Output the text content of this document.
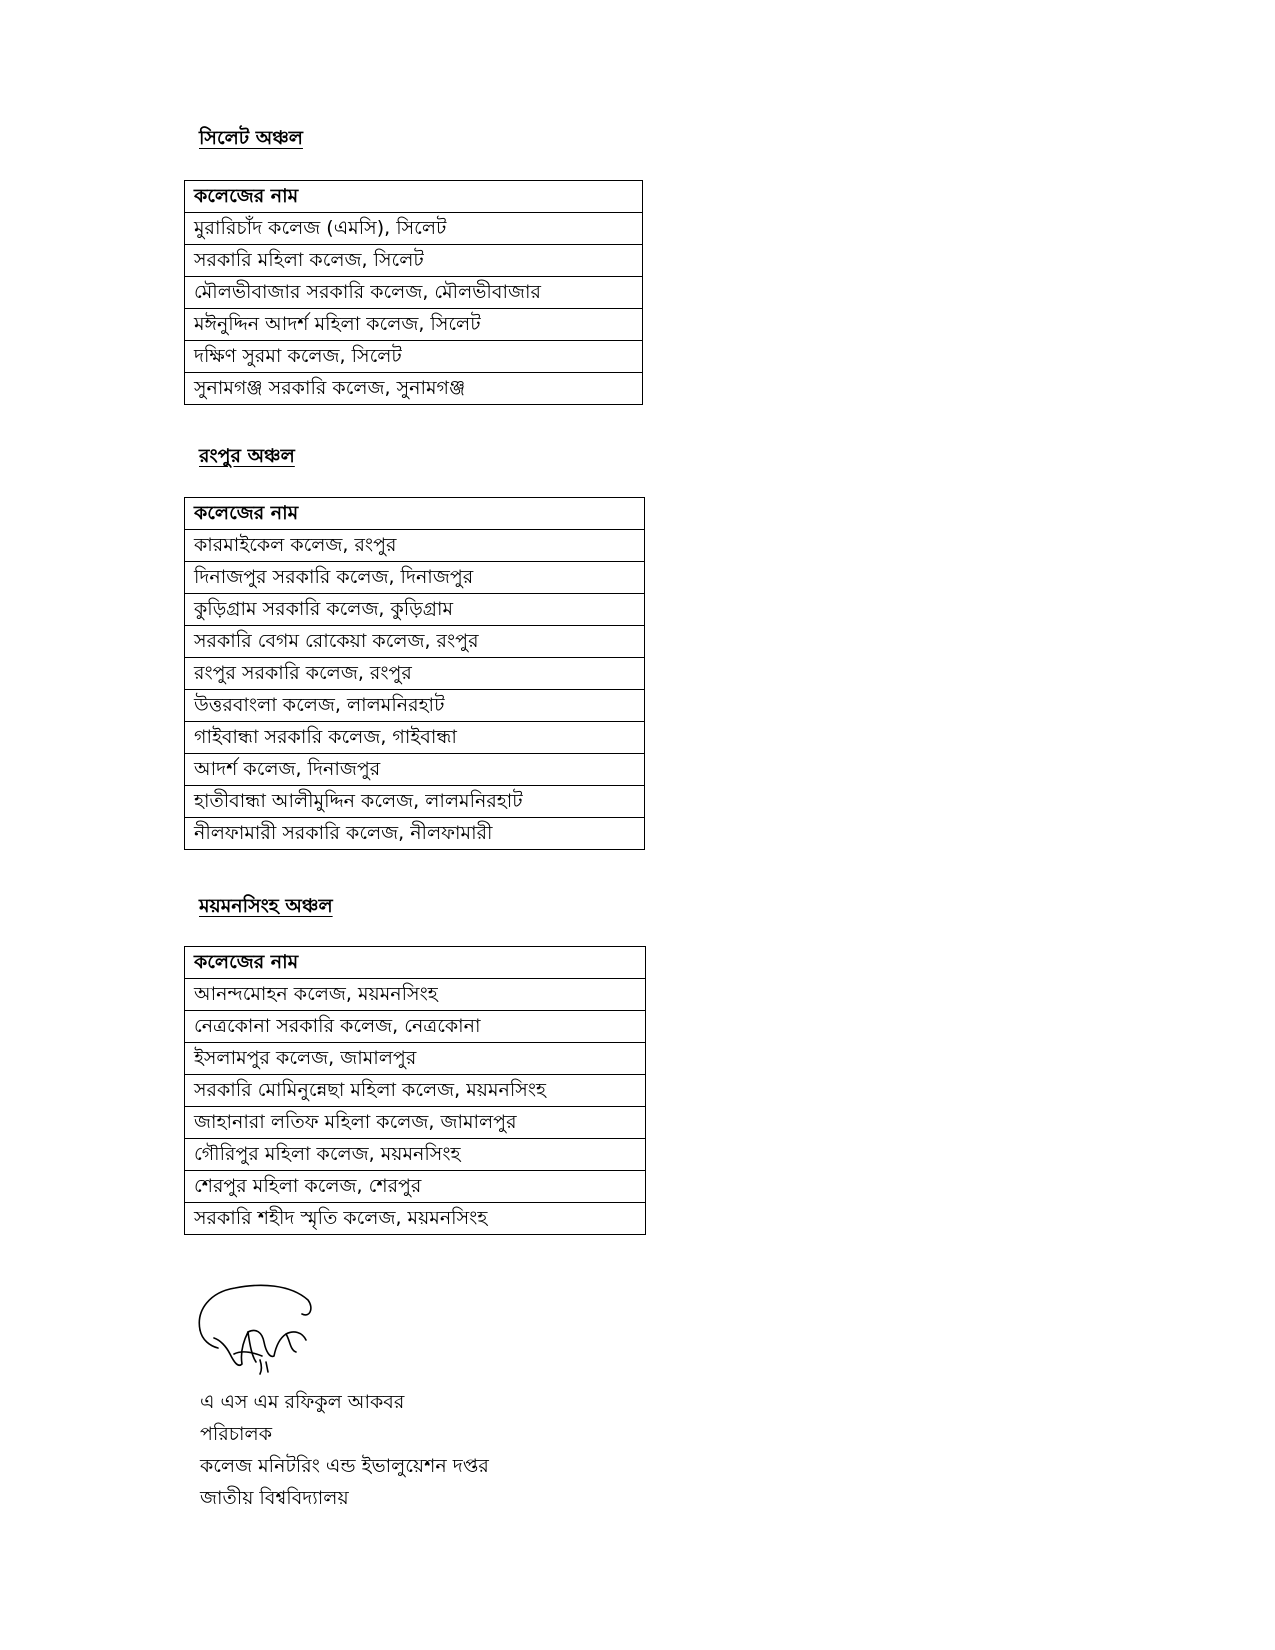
সিলেট অঞ্চল
কলেজের নাম
মুরারিচাঁদ কলেজ (এমসি), সিলেট
সরকারি মহিলা কলেজ, সিলেট
মৌলভীবাজার সরকারি কলেজ, মৌলভীবাজার
মঈনুদ্দিন আদর্শ মহিলা কলেজ, সিলেট
দক্ষিণ সুরমা কলেজ, সিলেট
সুনামগঞ্জ সরকারি কলেজ, সুনামগঞ্জ
রংপুর অঞ্চল
কলেজের নাম
কারমাইকেল কলেজ, রংপুর
দিনাজপুর সরকারি কলেজ, দিনাজপুর
কুড়িগ্রাম সরকারি কলেজ, কুড়িগ্রাম
সরকারি বেগম রোকেয়া কলেজ, রংপুর
রংপুর সরকারি কলেজ, রংপুর
উত্তরবাংলা কলেজ, লালমনিরহাট
গাইবান্ধা সরকারি কলেজ, গাইবান্ধা
আদর্শ কলেজ, দিনাজপুর
হাতীবান্ধা আলীমুদ্দিন কলেজ, লালমনিরহাট
নীলফামারী সরকারি কলেজ, নীলফামারী
ময়মনসিংহ অঞ্চল
কলেজের নাম
আনন্দমোহন কলেজ, ময়মনসিংহ
নেত্রকোনা সরকারি কলেজ, নেত্রকোনা
ইসলামপুর কলেজ, জামালপুর
সরকারি মোমিনুন্নেছা মহিলা কলেজ, ময়মনসিংহ
জাহানারা লতিফ মহিলা কলেজ, জামালপুর
গৌরিপুর মহিলা কলেজ, ময়মনসিংহ
শেরপুর মহিলা কলেজ, শেরপুর
সরকারি শহীদ স্মৃতি কলেজ, ময়মনসিংহ
এ এস এম রফিকুল আকবর
পরিচালক
কলেজ মনিটরিং এন্ড ইভালুয়েশন দপ্তর
জাতীয় বিশ্ববিদ্যালয়
